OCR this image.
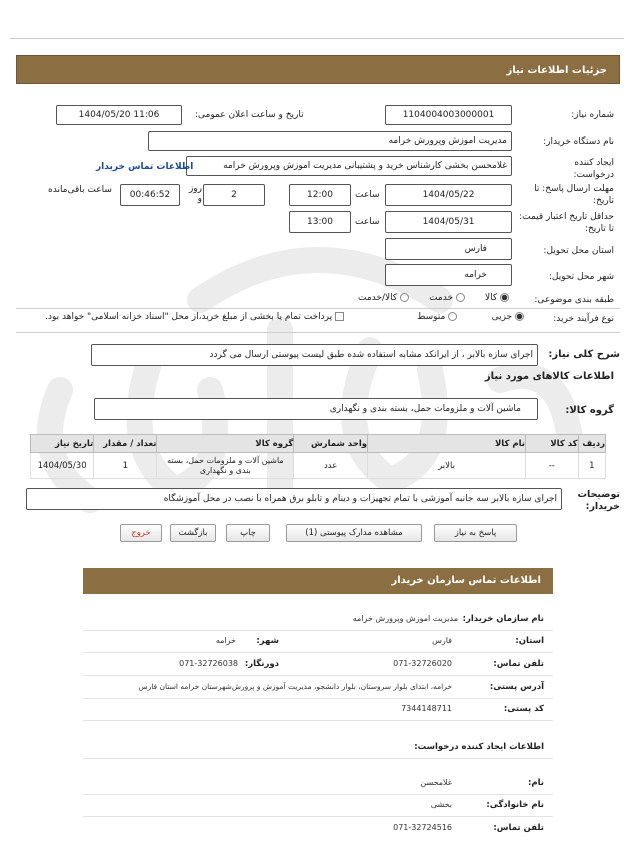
جزئیات اطلاعات نیاز
شماره نیاز:
1104004003000001
تاریخ و ساعت اعلان عمومی:
1404/05/20 11:06
نام دستگاه خریدار:
مدیریت اموزش وپرورش خرامه
ایجاد کننده درخواست:
غلامحسن بخشی کارشناس خرید و پشتیبانی مدیریت اموزش وپرورش خرامه
اطلاعات تماس خریدار
مهلت ارسال پاسخ: تا تاریخ:
1404/05/22
ساعت
12:00
2
روز و
00:46:52
ساعت باقی‌مانده
حداقل تاریخ اعتبار قیمت: تا تاریخ:
1404/05/31
ساعت
13:00
استان محل تحویل:
فارس
شهر محل تحویل:
خرامه
طبقه بندی موضوعی:
کالا        خدمت        کالا/خدمت
نوع فرآیند خرید:
جزیی             متوسط
پرداخت تمام یا بخشی از مبلغ خرید،از محل "اسناد خزانه اسلامی" خواهد بود.
شرح کلی نیاز:
اجرای سازه بالابر ، از ایرانکد مشابه استفاده شده طبق لیست پیوستی ارسال می گردد
اطلاعات کالاهای مورد نیاز
گروه کالا:
ماشین آلات و ملزومات حمل، بسته بندی و نگهداری
ردیف	کد کالا	نام کالا	واحد شمارش	گروه کالا	تعداد / مقدار	تاریخ نیاز
1	--	بالابر	عدد	ماشین آلات و ملزومات حمل، بسته بندی و نگهداری	1	1404/05/30
توضیحات خریدار:
اجرای سازه بالابر سه جانبه آموزشی با تمام تجهیزات و دینام و تابلو برق همراه با نصب در محل آموزشگاه
پاسخ به نیاز
مشاهده مدارک پیوستی (1)
چاپ
بازگشت
خروج
اطلاعات تماس سازمان خریدار
نام سازمان خریدار:
مدیریت اموزش وپرورش خرامه
استان:
فارس
شهر:
خرامه
تلفن تماس:
071-32726020
دورنگار:
071-32726038
آدرس پستی:
خرامه، ابتدای بلوار سروستان، بلوار دانشجو، مدیریت آموزش و پرورش‌شهرستان خرامه استان فارس
کد پستی:
7344148711
اطلاعات ایجاد کننده درخواست:
نام:
غلامحسن
نام خانوادگی:
بخشی
تلفن تماس:
071-32724516
